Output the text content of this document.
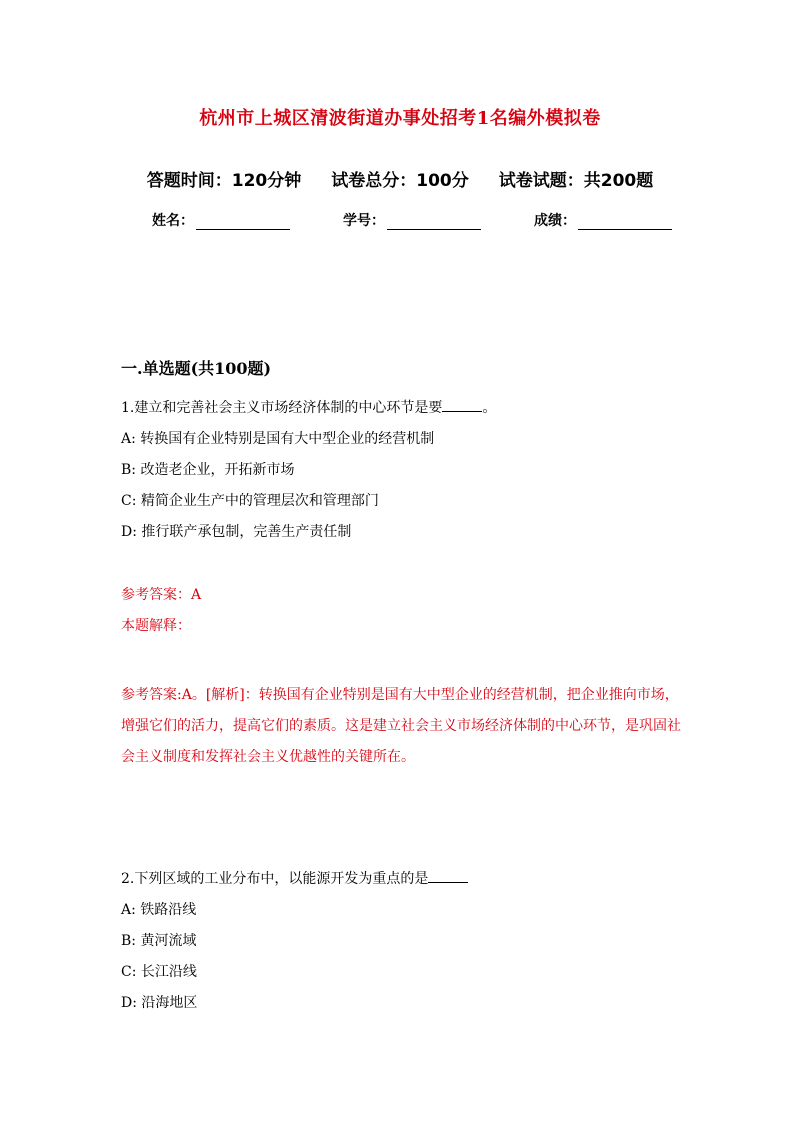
杭州市上城区清波街道办事处招考1名编外模拟卷
答题时间：120分钟 试卷总分：100分 试卷试题：共200题
姓名：	学号：	成绩：
一.单选题(共100题)
1.建立和完善社会主义市场经济体制的中心环节是要	。
A: 转换国有企业特别是国有大中型企业的经营机制
B: 改造老企业，开拓新市场
C: 精简企业生产中的管理层次和管理部门
D: 推行联产承包制，完善生产责任制
参考答案：A
本题解释：
参考答案:A。[解析]：转换国有企业特别是国有大中型企业的经营机制，把企业推向市场，增强它们的活力，提高它们的素质。这是建立社会主义市场经济体制的中心环节，是巩固社会主义制度和发挥社会主义优越性的关键所在。
2.下列区域的工业分布中，以能源开发为重点的是
A: 铁路沿线
B: 黄河流域
C: 长江沿线
D: 沿海地区
